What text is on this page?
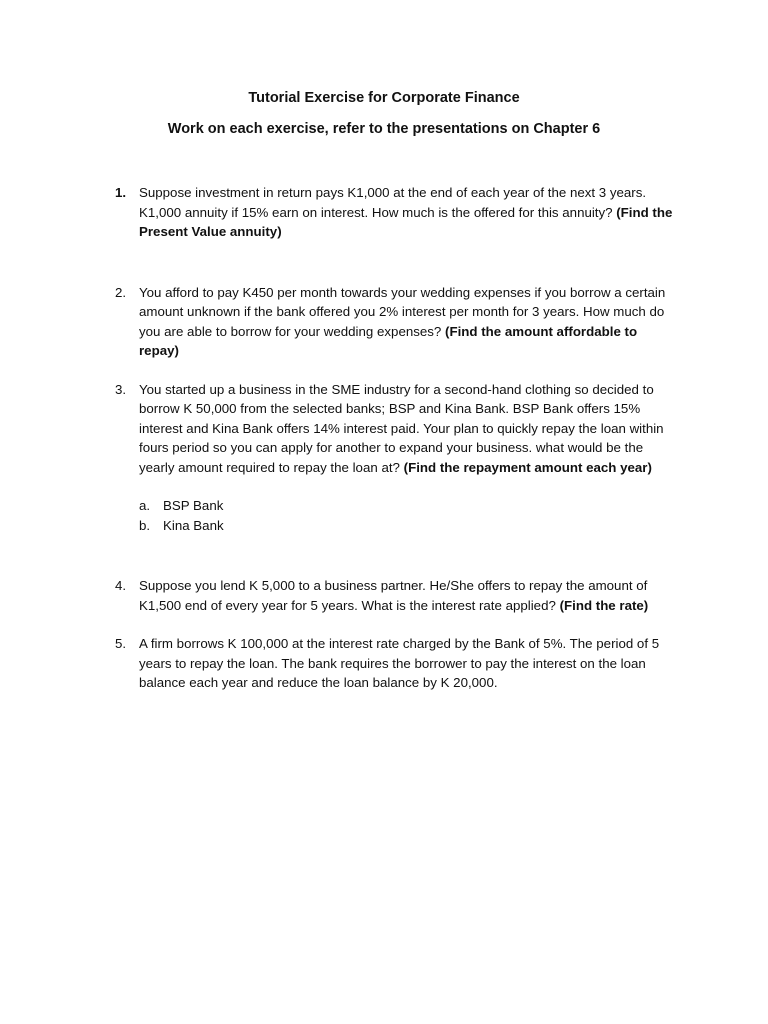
Tutorial Exercise for Corporate Finance
Work on each exercise, refer to the presentations on Chapter 6
1. Suppose investment in return pays K1,000 at the end of each year of the next 3 years. K1,000 annuity if 15% earn on interest. How much is the offered for this annuity? (Find the Present Value annuity)
2. You afford to pay K450 per month towards your wedding expenses if you borrow a certain amount unknown if the bank offered you 2% interest per month for 3 years. How much do you are able to borrow for your wedding expenses? (Find the amount affordable to repay)
3. You started up a business in the SME industry for a second-hand clothing so decided to borrow K 50,000 from the selected banks; BSP and Kina Bank. BSP Bank offers 15% interest and Kina Bank offers 14% interest paid. Your plan to quickly repay the loan within fours period so you can apply for another to expand your business. what would be the yearly amount required to repay the loan at? (Find the repayment amount each year)
a. BSP Bank
b. Kina Bank
4. Suppose you lend K 5,000 to a business partner. He/She offers to repay the amount of K1,500 end of every year for 5 years. What is the interest rate applied? (Find the rate)
5. A firm borrows K 100,000 at the interest rate charged by the Bank of 5%. The period of 5 years to repay the loan. The bank requires the borrower to pay the interest on the loan balance each year and reduce the loan balance by K 20,000.
